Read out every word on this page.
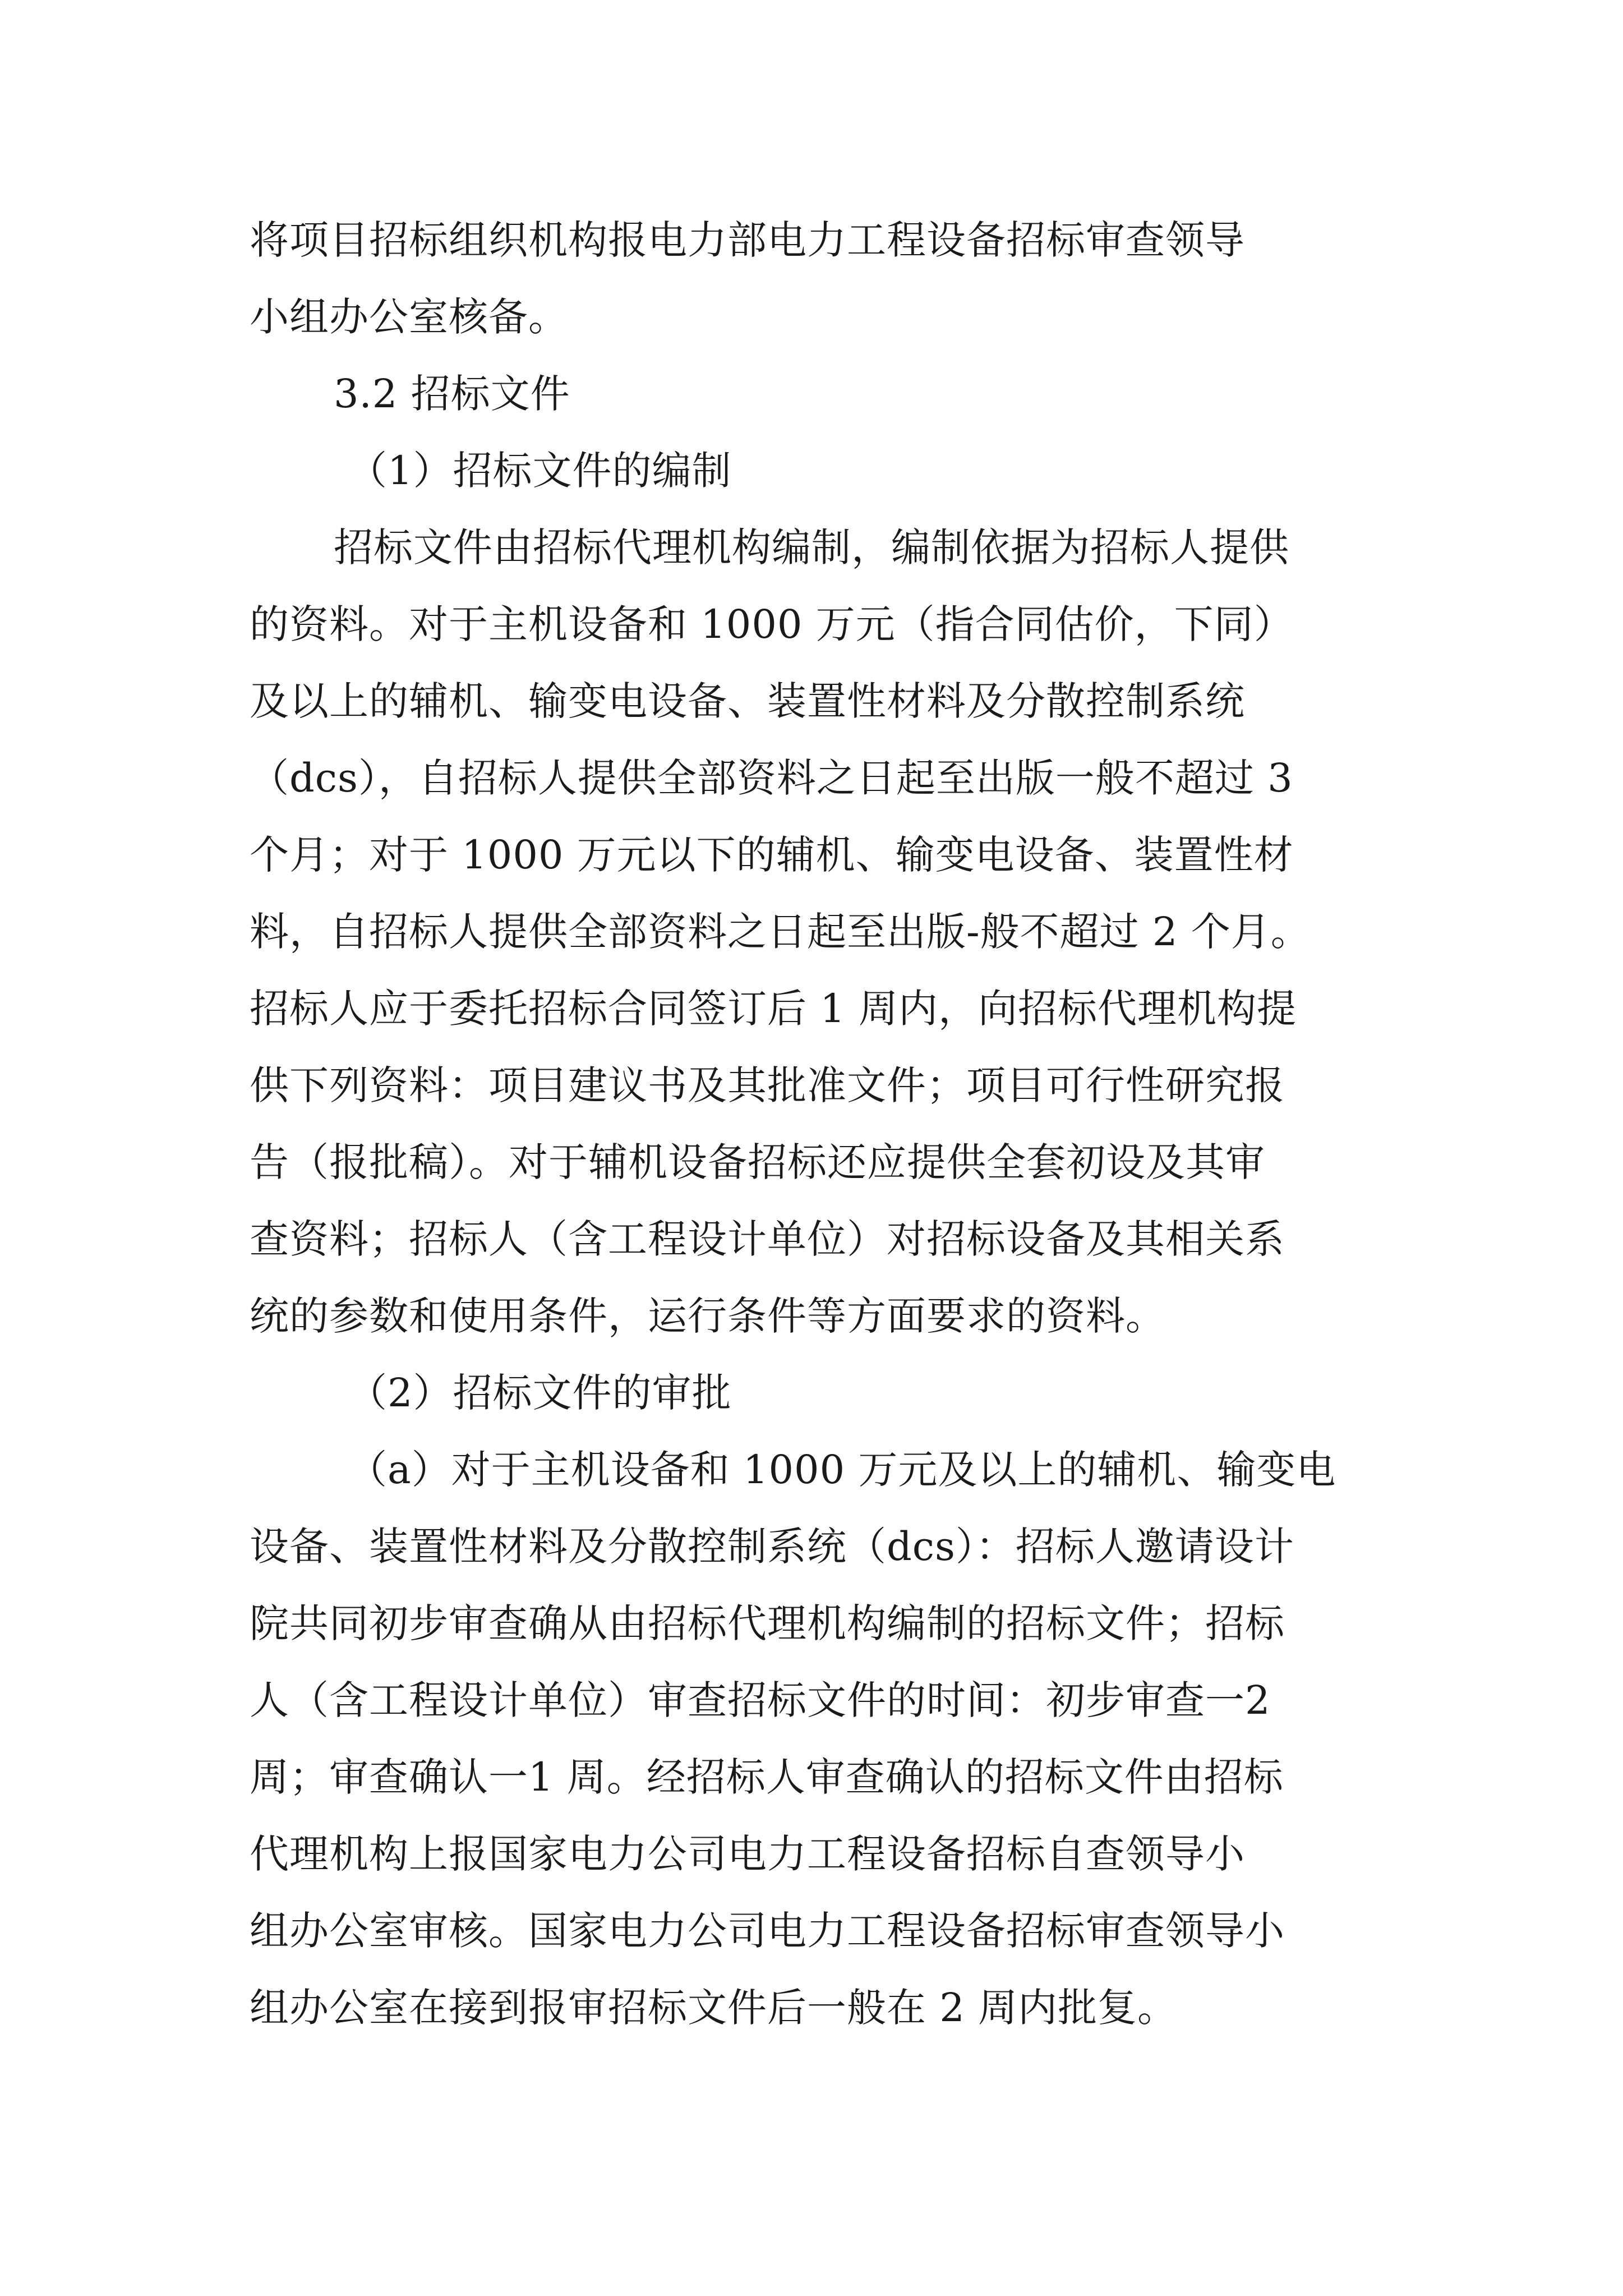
将项目招标组织机构报电力部电力工程设备招标审查领导
小组办公室核备。
3.2 招标文件
（1）招标文件的编制
招标文件由招标代理机构编制，编制依据为招标人提供
的资料。对于主机设备和 1000 万元（指合同估价，下同）
及以上的辅机、输变电设备、装置性材料及分散控制系统
（dcs），自招标人提供全部资料之日起至出版一般不超过 3
个月；对于 1000 万元以下的辅机、输变电设备、装置性材
料，自招标人提供全部资料之日起至出版-般不超过 2 个月。
招标人应于委托招标合同签订后 1 周内，向招标代理机构提
供下列资料：项目建议书及其批准文件；项目可行性研究报
告（报批稿）。对于辅机设备招标还应提供全套初设及其审
查资料；招标人（含工程设计单位）对招标设备及其相关系
统的参数和使用条件，运行条件等方面要求的资料。
（2）招标文件的审批
（a）对于主机设备和 1000 万元及以上的辅机、输变电
设备、装置性材料及分散控制系统（dcs）：招标人邀请设计
院共同初步审查确从由招标代理机构编制的招标文件；招标
人（含工程设计单位）审查招标文件的时间：初步审查一2
周；审查确认一1 周。经招标人审查确认的招标文件由招标
代理机构上报国家电力公司电力工程设备招标自查领导小
组办公室审核。国家电力公司电力工程设备招标审查领导小
组办公室在接到报审招标文件后一般在 2 周内批复。
